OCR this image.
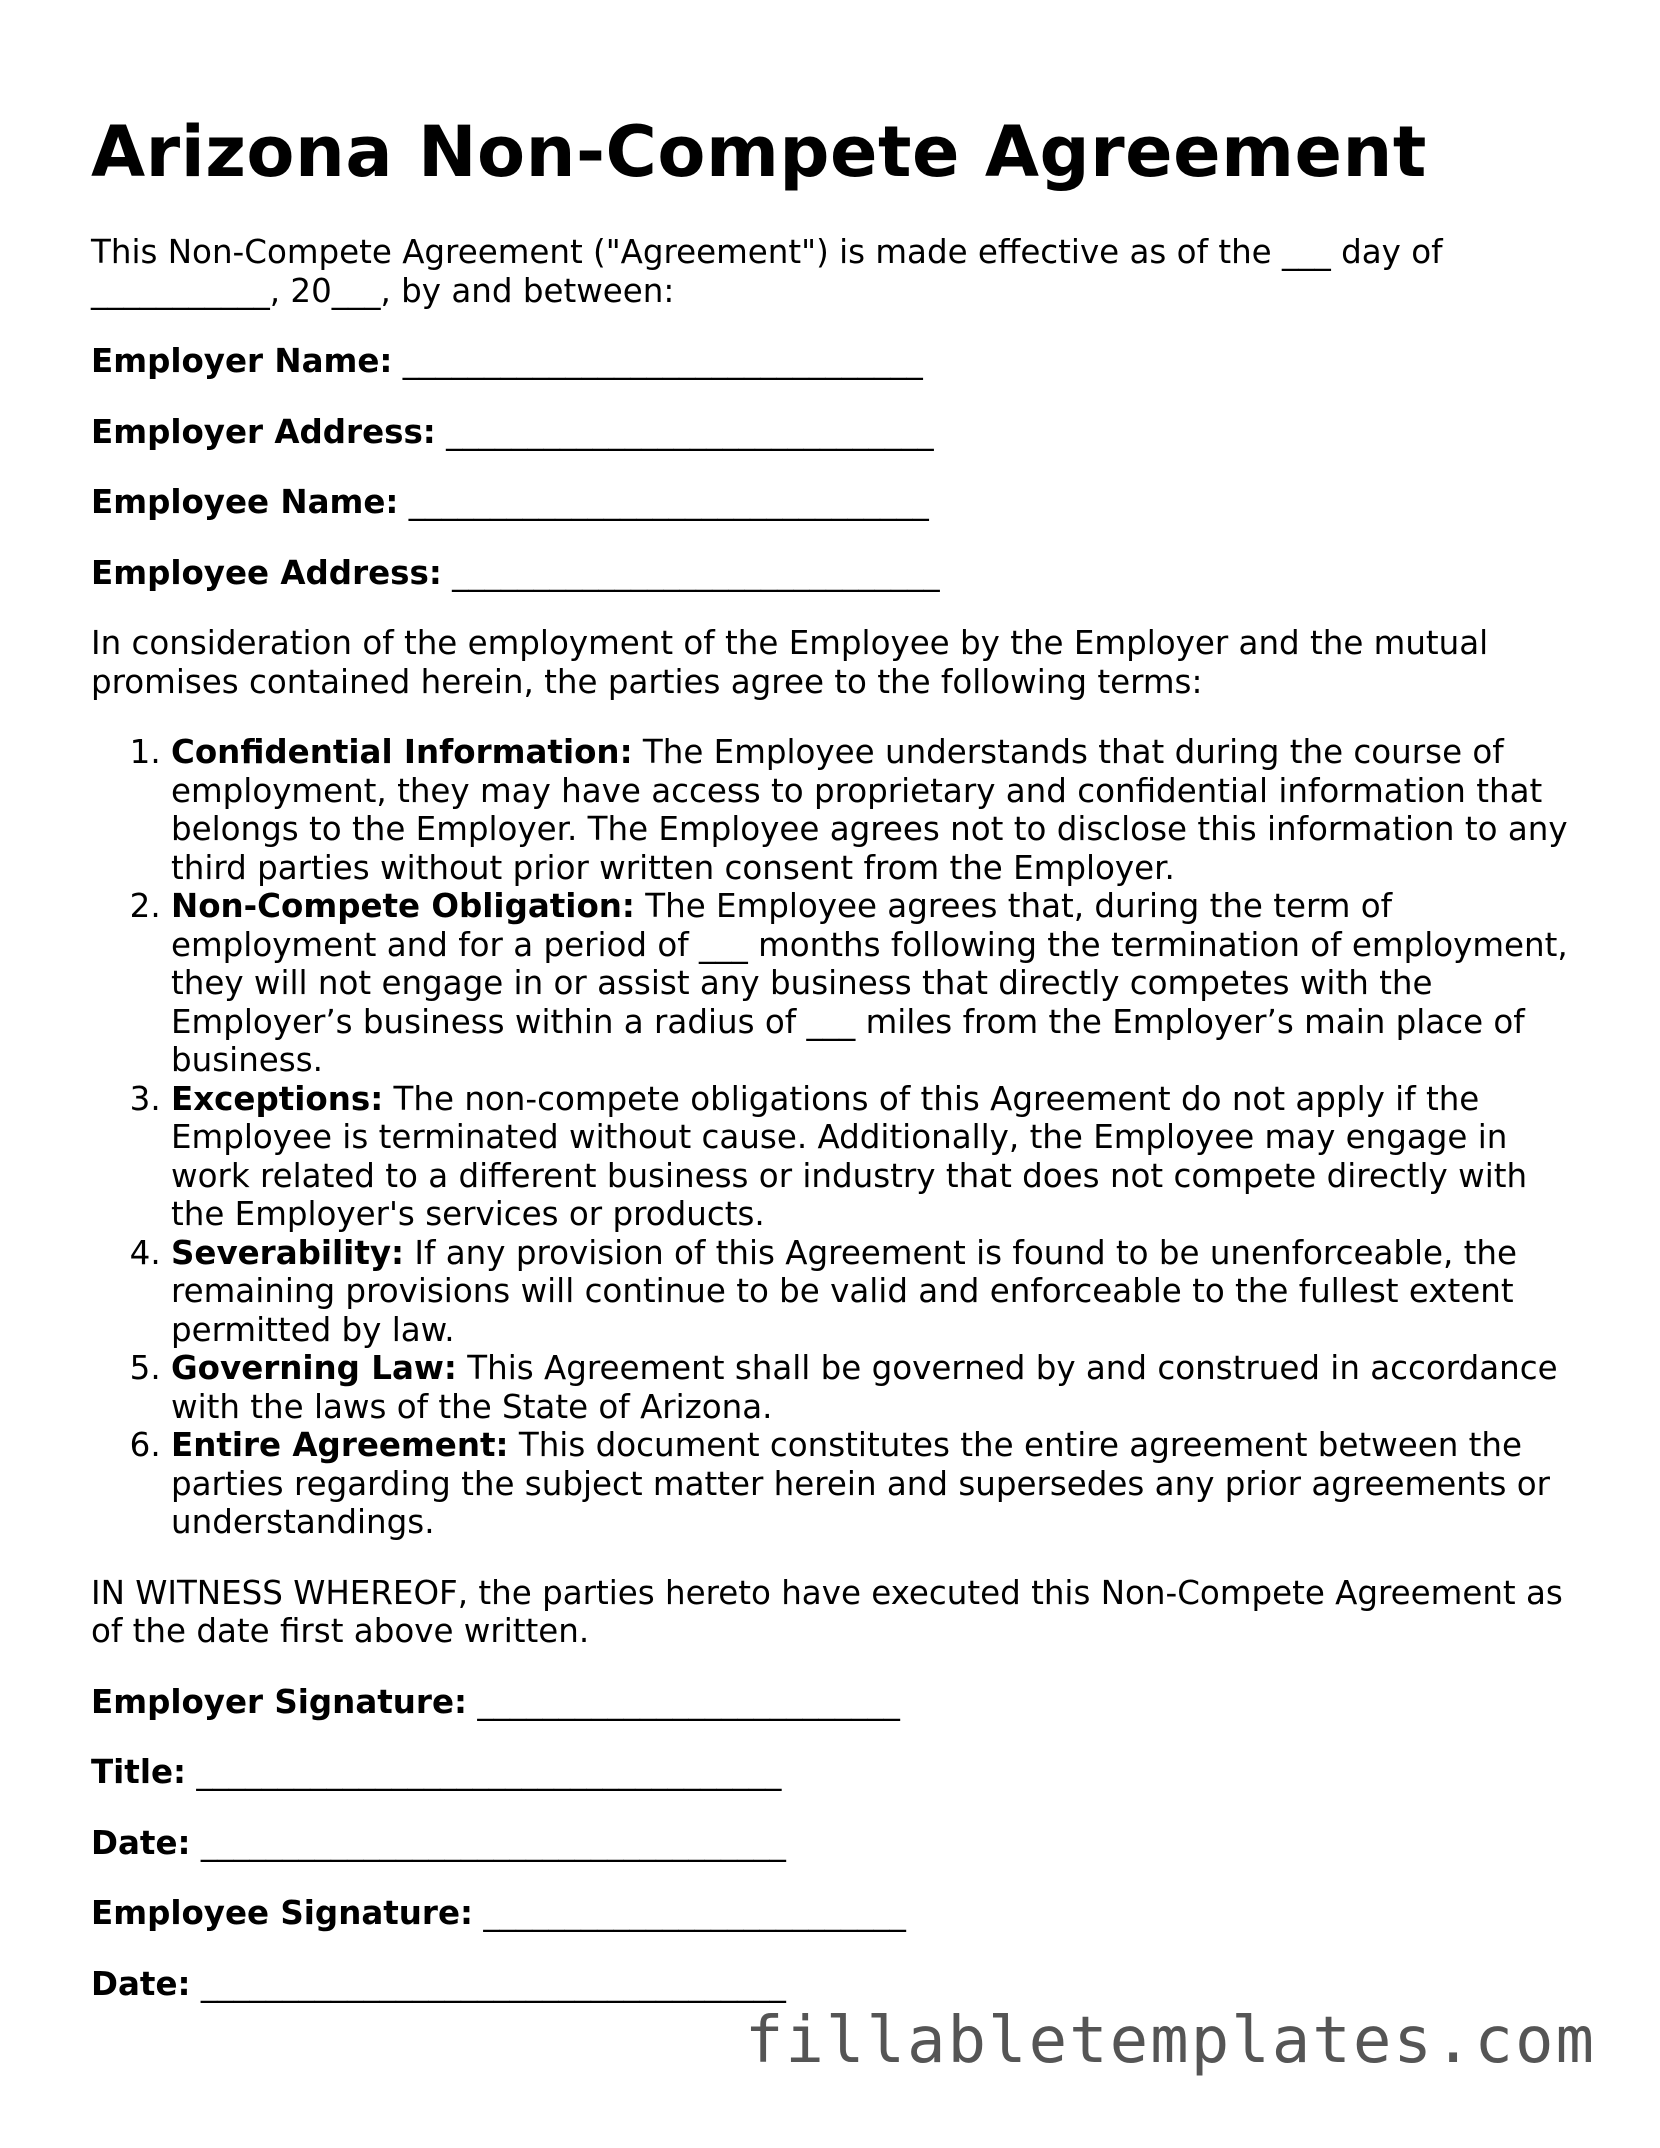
Arizona Non-Compete Agreement

This Non-Compete Agreement ("Agreement") is made effective as of the ___ day of ___________, 20___, by and between:

Employer Name: ________________________________
Employer Address: ______________________________
Employee Name: ________________________________
Employee Address: ______________________________

In consideration of the employment of the Employee by the Employer and the mutual promises contained herein, the parties agree to the following terms:

1. Confidential Information: The Employee understands that during the course of employment, they may have access to proprietary and confidential information that belongs to the Employer. The Employee agrees not to disclose this information to any third parties without prior written consent from the Employer.
2. Non-Compete Obligation: The Employee agrees that, during the term of employment and for a period of ___ months following the termination of employment, they will not engage in or assist any business that directly competes with the Employer’s business within a radius of ___ miles from the Employer’s main place of business.
3. Exceptions: The non-compete obligations of this Agreement do not apply if the Employee is terminated without cause. Additionally, the Employee may engage in work related to a different business or industry that does not compete directly with the Employer's services or products.
4. Severability: If any provision of this Agreement is found to be unenforceable, the remaining provisions will continue to be valid and enforceable to the fullest extent permitted by law.
5. Governing Law: This Agreement shall be governed by and construed in accordance with the laws of the State of Arizona.
6. Entire Agreement: This document constitutes the entire agreement between the parties regarding the subject matter herein and supersedes any prior agreements or understandings.

IN WITNESS WHEREOF, the parties hereto have executed this Non-Compete Agreement as of the date first above written.

Employer Signature: __________________________
Title: ____________________________________
Date: ____________________________________
Employee Signature: __________________________
Date: ____________________________________
fillabletemplates.com
